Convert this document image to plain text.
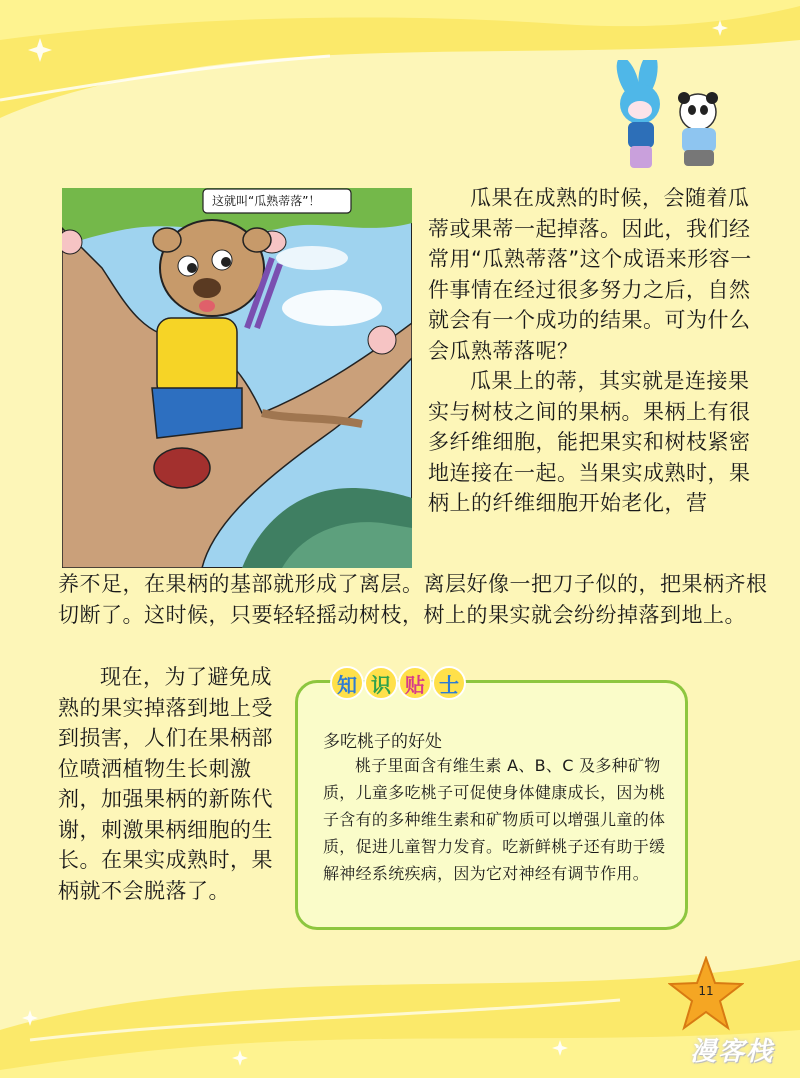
这就叫“瓜熟蒂落”！	瓜果在成熟的时候，会随着瓜蒂或果蒂一起掉落。因此，我们经常用“瓜熟蒂落”这个成语来形容一件事情在经过很多努力之后，自然就会有一个成功的结果。可为什么会瓜熟蒂落呢？

瓜果上的蒂，其实就是连接果实与树枝之间的果柄。果柄上有很多纤维细胞，能把果实和树枝紧密地连接在一起。当果实成熟时，果柄上的纤维细胞开始老化，营

养不足，在果柄的基部就形成了离层。离层好像一把刀子似的，把果柄齐根切断了。这时候，只要轻轻摇动树枝，树上的果实就会纷纷掉落到地上。

现在，为了避免成熟的果实掉落到地上受到损害，人们在果柄部位喷洒植物生长刺激剂，加强果柄的新陈代谢，刺激果柄细胞的生长。在果实成熟时，果柄就不会脱落了。

知 识 贴 士
多吃桃子的好处

桃子里面含有维生素 A、B、C 及多种矿物质，儿童多吃桃子可促使身体健康成长，因为桃子含有的多种维生素和矿物质可以增强儿童的体质，促进儿童智力发育。吃新鲜桃子还有助于缓解神经系统疾病，因为它对神经有调节作用。

11
漫客栈
